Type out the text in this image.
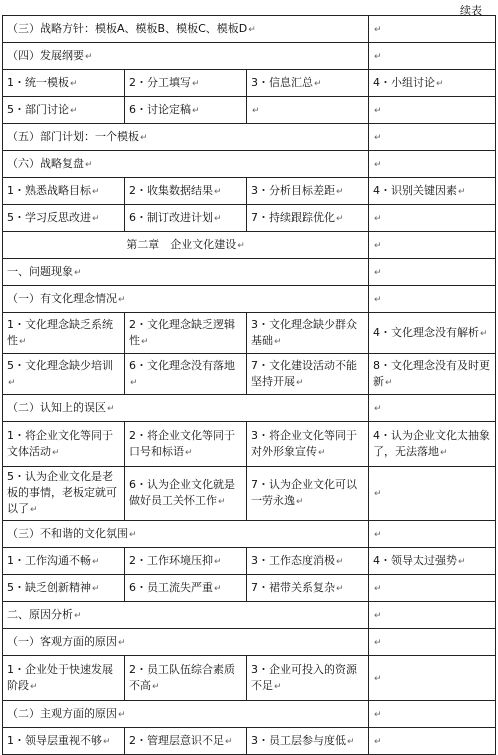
续表
（三）战略方针：模板A、模板B、模板C、模板D ↵	↵
（四）发展纲要 ↵	↵
1・统一模板 ↵	2・分工填写 ↵	3・信息汇总 ↵	4・小组讨论 ↵
5・部门讨论 ↵	6・讨论定稿 ↵	↵	↵
（五）部门计划：一个模板 ↵	↵
（六）战略复盘 ↵	↵
1・熟悉战略目标 ↵	2・收集数据结果 ↵	3・分析目标差距 ↵	4・识别关键因素 ↵
5・学习反思改进 ↵	6・制订改进计划 ↵	7・持续跟踪优化 ↵	↵
第二章　企业文化建设 ↵	↵
一、问题现象 ↵	↵
（一）有文化理念情况 ↵	↵
1・文化理念缺乏系统性 ↵	2・文化理念缺乏逻辑性 ↵	3・文化理念缺少群众基础 ↵	4・文化理念没有解析 ↵
5・文化理念缺少培训 ↵	6・文化理念没有落地 ↵	7・文化建设活动不能坚持开展 ↵	8・文化理念没有及时更新 ↵
（二）认知上的误区 ↵	↵
1・将企业文化等同于文体活动 ↵	2・将企业文化等同于口号和标语 ↵	3・将企业文化等同于对外形象宣传 ↵	4・认为企业文化太抽象了，无法落地 ↵
5・认为企业文化是老板的事情，老板定就可以了 ↵	6・认为企业文化就是做好员工关怀工作 ↵	7・认为企业文化可以一劳永逸 ↵	↵
（三）不和谐的文化氛围 ↵	↵
1・工作沟通不畅 ↵	2・工作环境压抑 ↵	3・工作态度消极 ↵	4・领导太过强势 ↵
5・缺乏创新精神 ↵	6・员工流失严重 ↵	7・裙带关系复杂 ↵	↵
二、原因分析 ↵	↵
（一）客观方面的原因 ↵	↵
1・企业处于快速发展阶段 ↵	2・员工队伍综合素质不高 ↵	3・企业可投入的资源不足 ↵	↵
（二）主观方面的原因 ↵	↵
1・领导层重视不够 ↵	2・管理层意识不足 ↵	3・员工层参与度低 ↵	↵
